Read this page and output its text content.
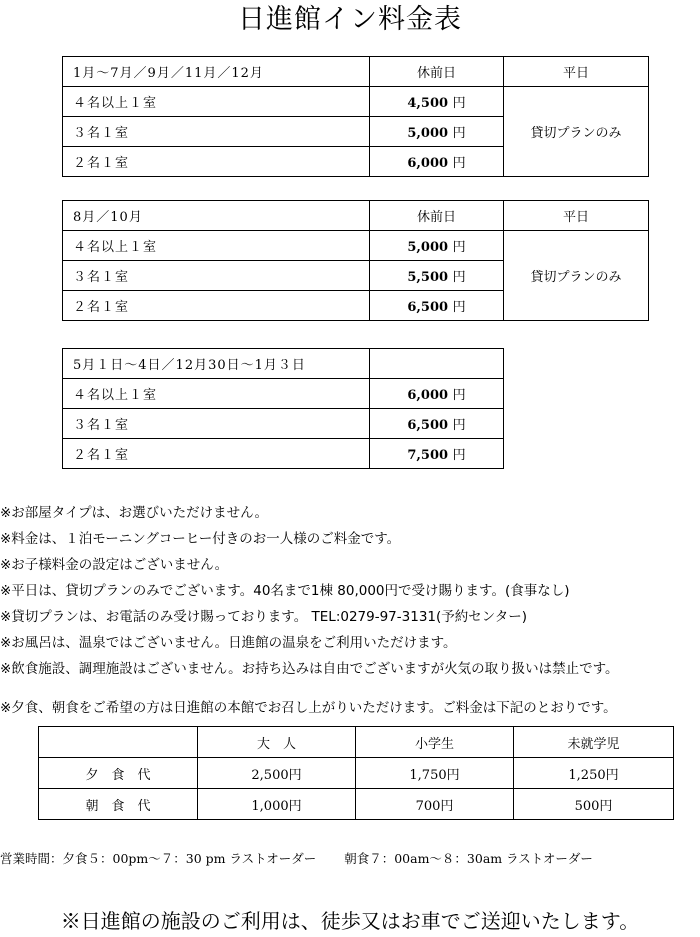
日進館イン料金表
1月～7月／9月／11月／12月	休前日	平日
４名以上１室	4,500 円	貸切プランのみ
３名１室	5,000 円	
２名１室	6,000 円	
8月／10月	休前日	平日
４名以上１室	5,000 円	貸切プランのみ
３名１室	5,500 円	
２名１室	6,500 円	
5月１日～4日／12月30日～1月３日	
４名以上１室	6,000 円
３名１室	6,500 円
２名１室	7,500 円
※お部屋タイプは、お選びいただけません。
※料金は、１泊モーニングコーヒー付きのお一人様のご料金です。
※お子様料金の設定はございません。
※平日は、貸切プランのみでございます。40名まで1棟 80,000円で受け賜ります。(食事なし)
※貸切プランは、お電話のみ受け賜っております。 TEL:0279-97-3131(予約センター)
※お風呂は、温泉ではございません。日進館の温泉をご利用いただけます。
※飲食施設、調理施設はございません。お持ち込みは自由でございますが火気の取り扱いは禁止です。
※夕食、朝食をご希望の方は日進館の本館でお召し上がりいただけます。ご料金は下記のとおりです。
	大　人	小学生	未就学児
夕　食　代	2,500円	1,750円	1,250円
朝　食　代	1,000円	700円	500円
営業時間：夕食５：00pm～７：30 pm ラストオーダー 朝食７：00am～８：30am ラストオーダー
※日進館の施設のご利用は、徒歩又はお車でご送迎いたします。
